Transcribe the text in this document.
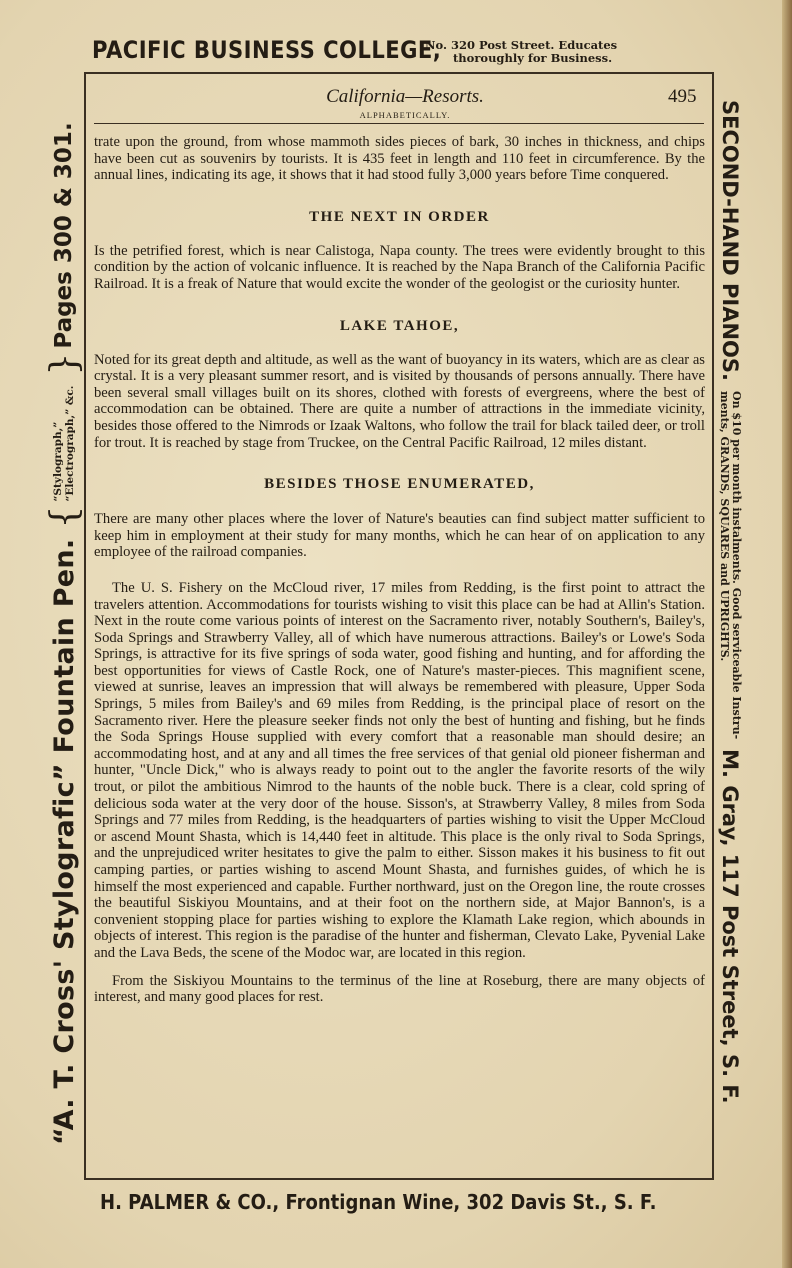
PACIFIC BUSINESS COLLEGE,
No. 320 Post Street. Educates
thoroughly for Business.
California—Resorts.	495
ALPHABETICALLY.

trate upon the ground, from whose mammoth sides pieces of bark, 30 inches in thickness, and chips have been cut as souvenirs by tourists. It is 435 feet in length and 110 feet in circumference. By the annual lines, indicating its age, it shows that it had stood fully 3,000 years before Time conquered.

THE NEXT IN ORDER

Is the petrified forest, which is near Calistoga, Napa county. The trees were evidently brought to this condition by the action of volcanic influence. It is reached by the Napa Branch of the California Pacific Railroad. It is a freak of Nature that would excite the wonder of the geologist or the curiosity hunter.

LAKE TAHOE,

Noted for its great depth and altitude, as well as the want of buoyancy in its waters, which are as clear as crystal. It is a very pleasant summer resort, and is visited by thousands of persons annually. There have been several small villages built on its shores, clothed with forests of evergreens, where the best of accommodation can be obtained. There are quite a number of attractions in the immediate vicinity, besides those offered to the Nimrods or Izaak Waltons, who follow the trail for black tailed deer, or troll for trout. It is reached by stage from Truckee, on the Central Pacific Railroad, 12 miles distant.

BESIDES THOSE ENUMERATED,

There are many other places where the lover of Nature's beauties can find subject matter sufficient to keep him in employment at their study for many months, which he can hear of on application to any employee of the railroad companies.

The U. S. Fishery on the McCloud river, 17 miles from Redding, is the first point to attract the travelers attention. Accommodations for tourists wishing to visit this place can be had at Allin's Station. Next in the route come various points of interest on the Sacramento river, notably Southern's, Bailey's, Soda Springs and Strawberry Valley, all of which have numerous attractions. Bailey's or Lowe's Soda Springs, is attractive for its five springs of soda water, good fishing and hunting, and for affording the best opportunities for views of Castle Rock, one of Nature's master-pieces. This magnifient scene, viewed at sunrise, leaves an impression that will always be remembered with pleasure, Upper Soda Springs, 5 miles from Bailey's and 69 miles from Redding, is the principal place of resort on the Sacramento river. Here the pleasure seeker finds not only the best of hunting and fishing, but he finds the Soda Springs House supplied with every comfort that a reasonable man should desire; an accommodating host, and at any and all times the free services of that genial old pioneer fisherman and hunter, "Uncle Dick," who is always ready to point out to the angler the favorite resorts of the wily trout, or pilot the ambitious Nimrod to the haunts of the noble buck. There is a clear, cold spring of delicious soda water at the very door of the house. Sisson's, at Strawberry Valley, 8 miles from Soda Springs and 77 miles from Redding, is the headquarters of parties wishing to visit the Upper McCloud or ascend Mount Shasta, which is 14,440 feet in altitude. This place is the only rival to Soda Springs, and the unprejudiced writer hesitates to give the palm to either. Sisson makes it his business to fit out camping parties, or parties wishing to ascend Mount Shasta, and furnishes guides, of which he is himself the most experienced and capable. Further northward, just on the Oregon line, the route crosses the beautiful Siskiyou Mountains, and at their foot on the northern side, at Major Bannon's, is a convenient stopping place for parties wishing to explore the Klamath Lake region, which abounds in objects of interest. This region is the paradise of the hunter and fisherman, Clevato Lake, Pyvenial Lake and the Lava Beds, the scene of the Modoc war, are located in this region.

From the Siskiyou Mountains to the terminus of the line at Roseburg, there are many objects of interest, and many good places for rest.

“A. T. Cross' Stylografic” Fountain Pen.
{
“Stylograph,” “Electrograph,” &c.
}
Pages 300 & 301.	SECOND-HAND PIANOS.
On $10 per month instalments. Good serviceable Instru-
ments, GRANDS, SQUARES and UPRIGHTS.
M. Gray, 117 Post Street, S. F.
H. PALMER & CO., Frontignan Wine, 302 Davis St., S. F.
